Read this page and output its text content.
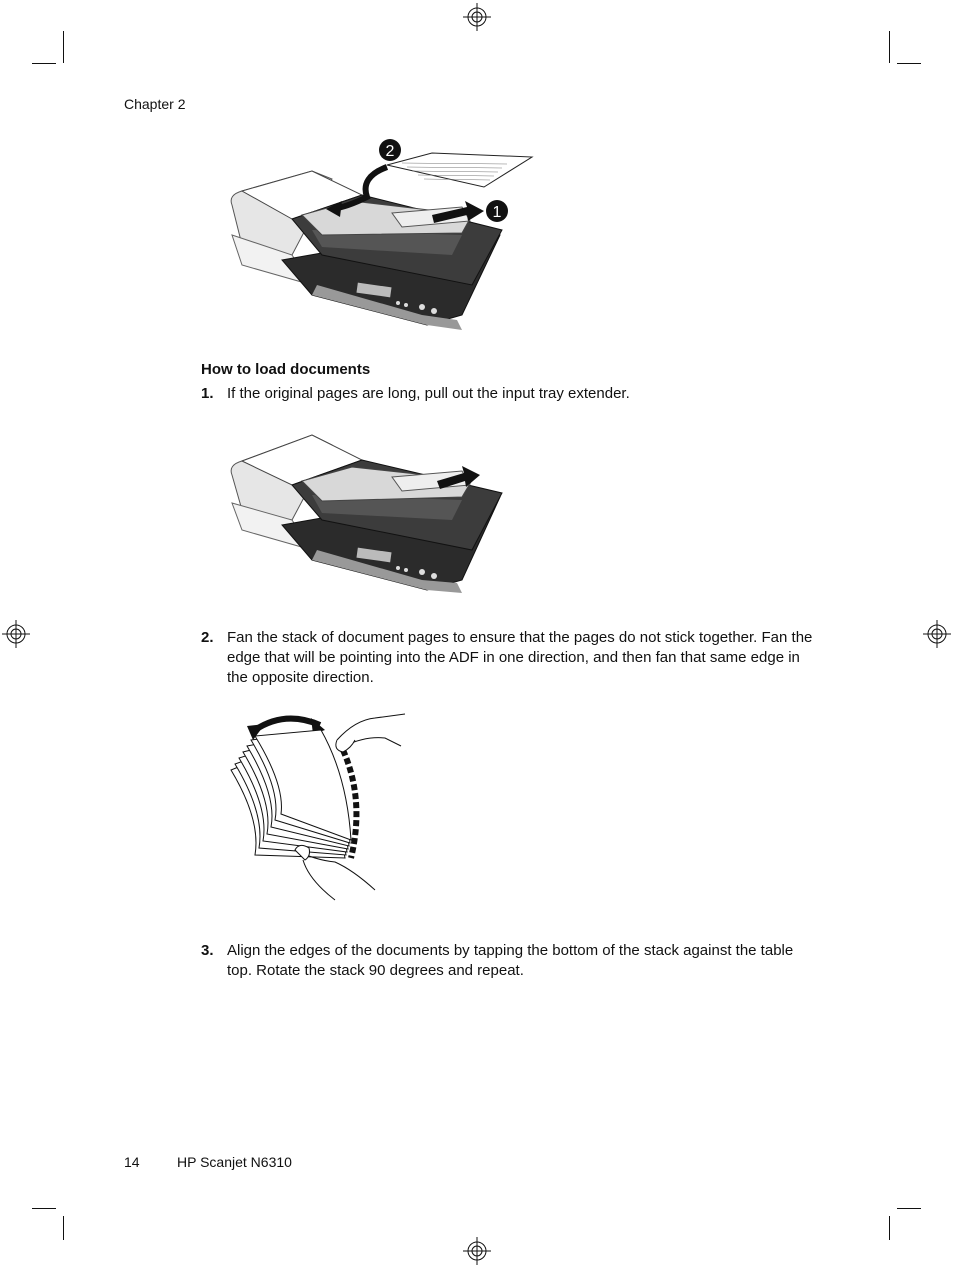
Chapter 2
2
1
How to load documents
1. If the original pages are long, pull out the input tray extender.
2. Fan the stack of document pages to ensure that the pages do not stick together. Fan the edge that will be pointing into the ADF in one direction, and then fan that same edge in the opposite direction.
3. Align the edges of the documents by tapping the bottom of the stack against the table top. Rotate the stack 90 degrees and repeat.
14	HP Scanjet N6310
